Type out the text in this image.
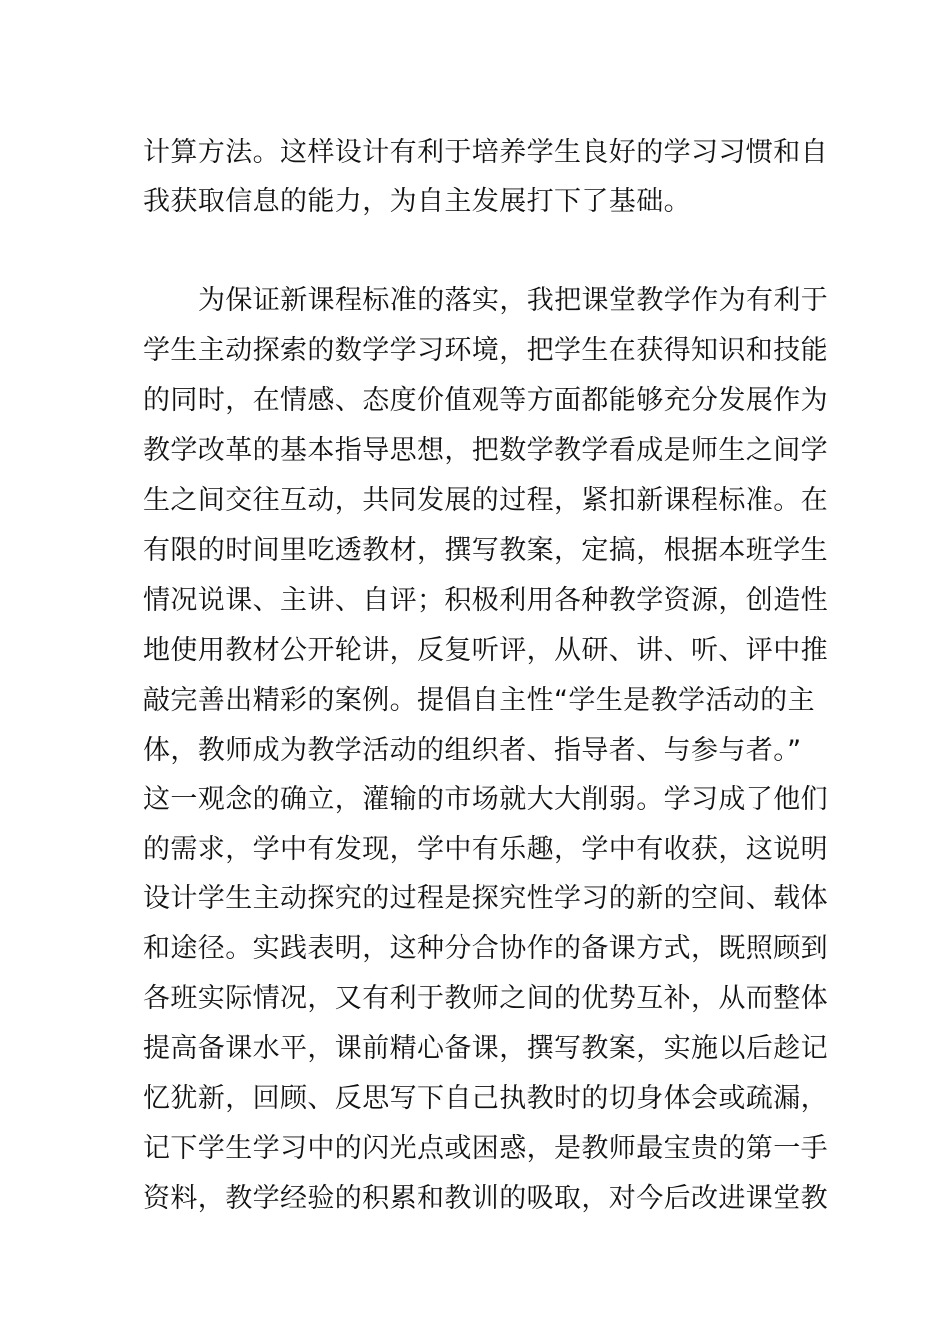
计算方法。这样设计有利于培养学生良好的学习习惯和自
我获取信息的能力，为自主发展打下了基础。
为保证新课程标准的落实，我把课堂教学作为有利于
学生主动探索的数学学习环境，把学生在获得知识和技能
的同时，在情感、态度价值观等方面都能够充分发展作为
教学改革的基本指导思想，把数学教学看成是师生之间学
生之间交往互动，共同发展的过程，紧扣新课程标准。在
有限的时间里吃透教材，撰写教案，定搞，根据本班学生
情况说课、主讲、自评；积极利用各种教学资源，创造性
地使用教材公开轮讲，反复听评，从研、讲、听、评中推
敲完善出精彩的案例。提倡自主性“学生是教学活动的主
体，教师成为教学活动的组织者、指导者、与参与者。”
这一观念的确立，灌输的市场就大大削弱。学习成了他们
的需求，学中有发现，学中有乐趣，学中有收获，这说明
设计学生主动探究的过程是探究性学习的新的空间、载体
和途径。实践表明，这种分合协作的备课方式，既照顾到
各班实际情况，又有利于教师之间的优势互补，从而整体
提高备课水平，课前精心备课，撰写教案，实施以后趁记
忆犹新，回顾、反思写下自己执教时的切身体会或疏漏，
记下学生学习中的闪光点或困惑，是教师最宝贵的第一手
资料，教学经验的积累和教训的吸取，对今后改进课堂教
